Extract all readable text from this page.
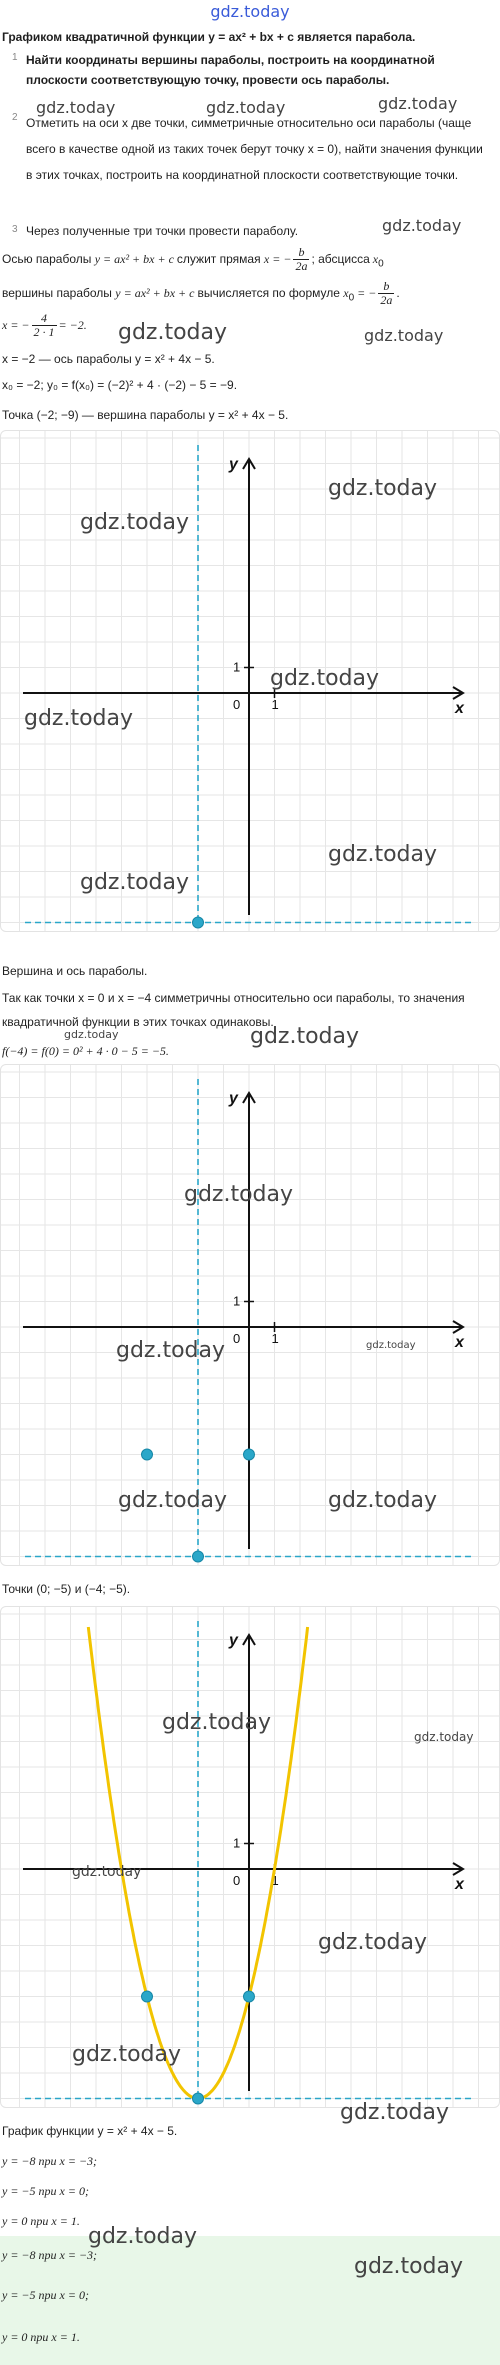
gdz.today
Графиком квадратичной функции y = ax² + bx + c является парабола.
1 Найти координаты вершины параболы, построить на координатной плоскости соответствующую точку, провести ось параболы.
2 Отметить на оси x две точки, симметричные относительно оси параболы (чаще всего в качестве одной из таких точек берут точку x = 0), найти значения функции в этих точках, построить на координатной плоскости соответствующие точки.
3 Через полученные три точки провести параболу.
Осью параболы y = ax² + bx + c служит прямая x = − $\frac{b}{2a}$ ; абсцисса $x_0$
вершины параболы y = ax² + bx + c вычисляется по формуле $x_0$ = − $\frac{b}{2a}$ .
x = − $\frac{4}{2 \cdot 1} = -2$.
x = −2 — ось параболы y = x² + 4x − 5.
x₀ = −2; y₀ = f(x₀) = (−2)² + 4 · (−2) − 5 = −9.
Точка (−2; −9) — вершина параболы y = x² + 4x − 5.
y
x
1
1
0
Вершина и ось параболы.
Так как точки x = 0 и x = −4 симметричны относительно оси параболы, то значения квадратичной функции в этих точках одинаковы.
f(−4) = f(0) = 0² + 4 · 0 − 5 = −5.
y
x
1
1
0
Точки (0; −5) и (−4; −5).
y
x
1
1
0
График функции y = x² + 4x − 5.
y = −8 при x = −3;
y = −5 при x = 0;
y = 0 при x = 1.
y = −8 при x = −3;
y = −5 при x = 0;
y = 0 при x = 1.
gdz.today	gdz.today	gdz.today
gdz.today
gdz.today	gdz.today
gdz.today
gdz.today
gdz.today
gdz.today
gdz.today
gdz.today
gdz.today	gdz.today
gdz.today
gdz.today	gdz.today
gdz.today	gdz.today
gdz.today
gdz.today
gdz.today
gdz.today
gdz.today
gdz.today
gdz.today
gdz.today
